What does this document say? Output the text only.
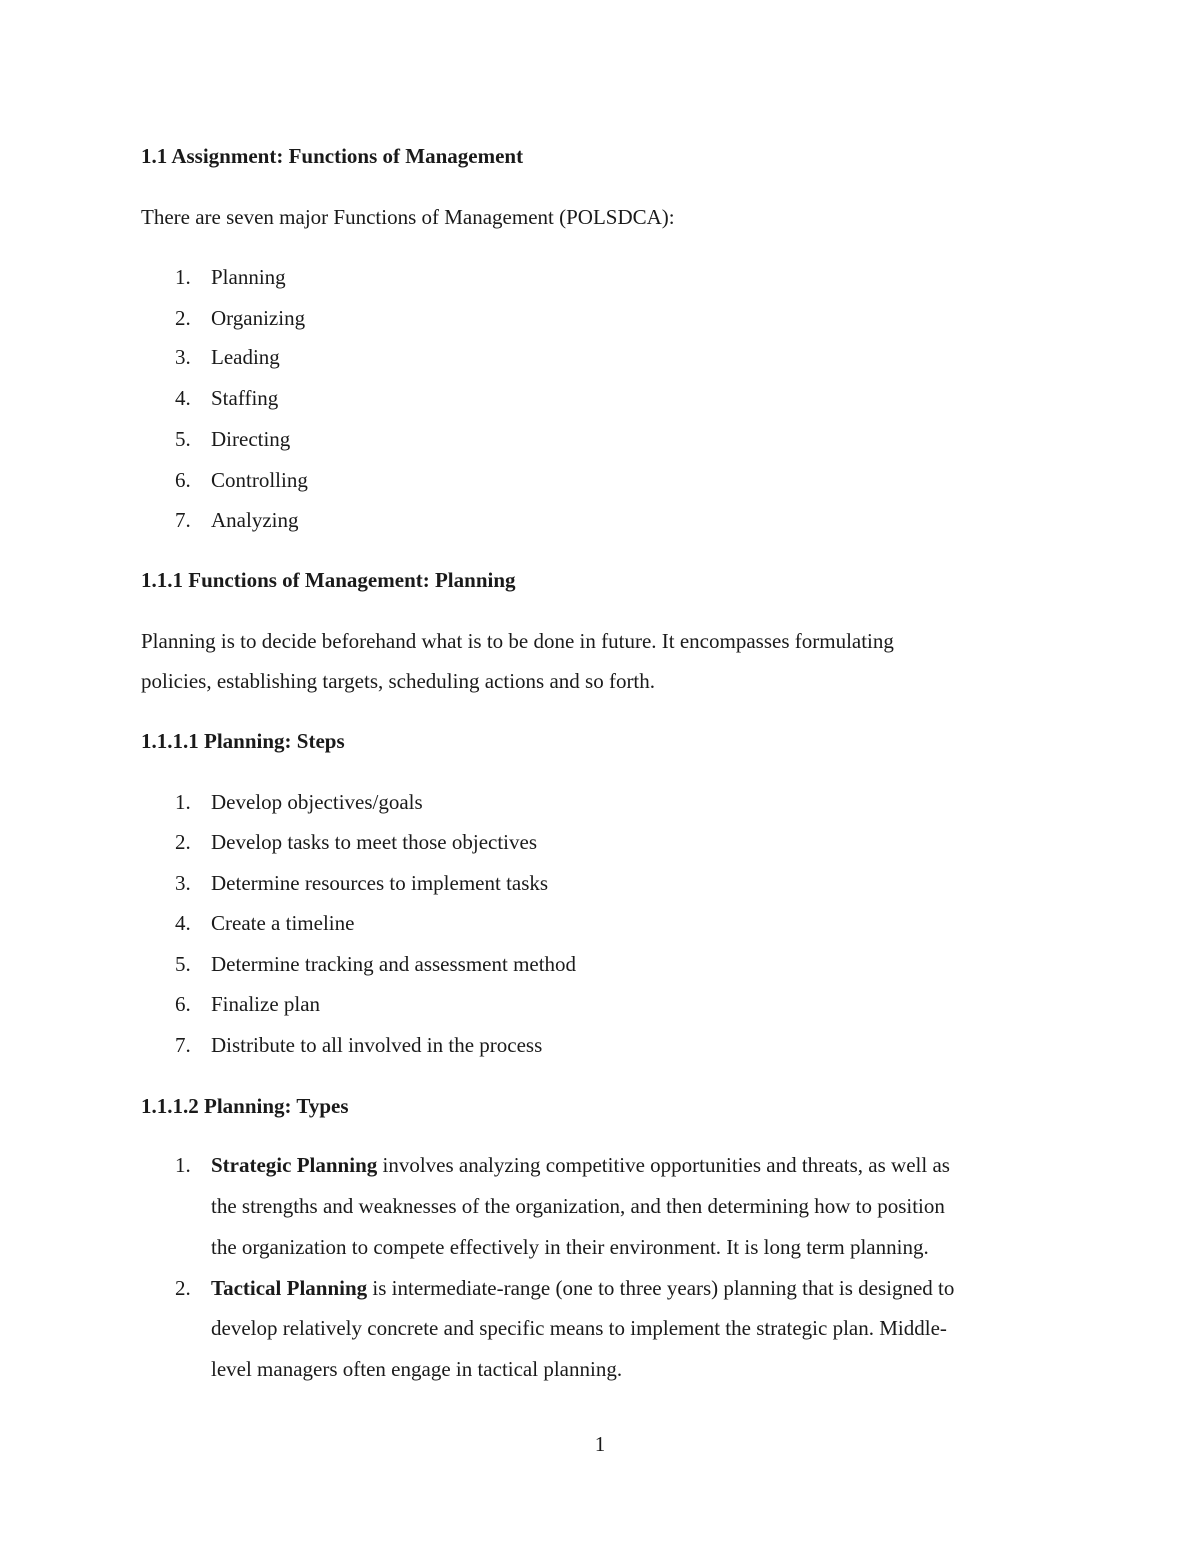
1.1 Assignment: Functions of Management
There are seven major Functions of Management (POLSDCA):
1. Planning
2. Organizing
3. Leading
4. Staffing
5. Directing
6. Controlling
7. Analyzing
1.1.1 Functions of Management: Planning
Planning is to decide beforehand what is to be done in future. It encompasses formulating
policies, establishing targets, scheduling actions and so forth.
1.1.1.1 Planning: Steps
1. Develop objectives/goals
2. Develop tasks to meet those objectives
3. Determine resources to implement tasks
4. Create a timeline
5. Determine tracking and assessment method
6. Finalize plan
7. Distribute to all involved in the process
1.1.1.2 Planning: Types
1. Strategic Planning involves analyzing competitive opportunities and threats, as well as
the strengths and weaknesses of the organization, and then determining how to position
the organization to compete effectively in their environment. It is long term planning.
2. Tactical Planning is intermediate-range (one to three years) planning that is designed to
develop relatively concrete and specific means to implement the strategic plan. Middle-
level managers often engage in tactical planning.
1
